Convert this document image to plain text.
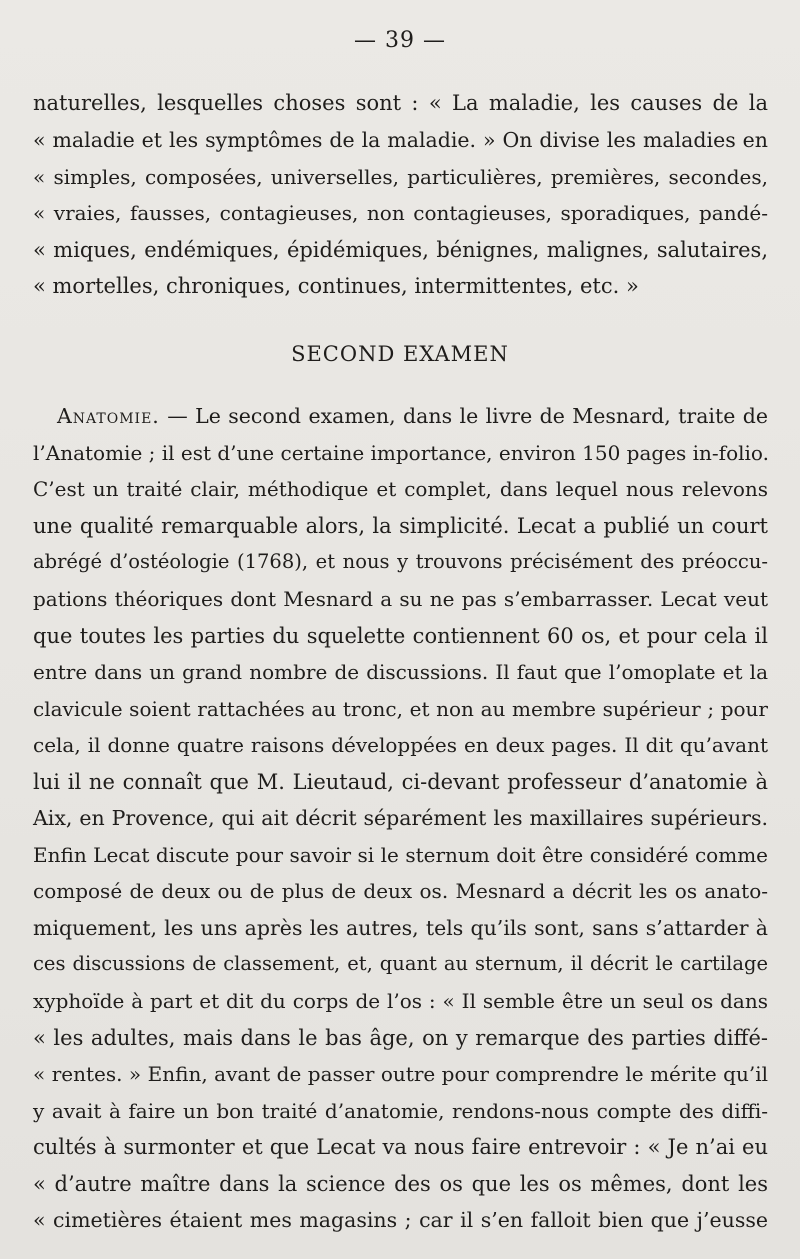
— 39 —
naturelles, lesquelles choses sont : « La maladie, les causes de la
« maladie et les symptômes de la maladie. » On divise les maladies en
« simples, composées, universelles, particulières, premières, secondes,
« vraies, fausses, contagieuses, non contagieuses, sporadiques, pandé-
« miques, endémiques, épidémiques, bénignes, malignes, salutaires,
« mortelles, chroniques, continues, intermittentes, etc. »
SECOND EXAMEN
Anatomie. — Le second examen, dans le livre de Mesnard, traite de
l’Anatomie ; il est d’une certaine importance, environ 150 pages in-folio.
C’est un traité clair, méthodique et complet, dans lequel nous relevons
une qualité remarquable alors, la simplicité. Lecat a publié un court
abrégé d’ostéologie (1768), et nous y trouvons précisément des préoccu-
pations théoriques dont Mesnard a su ne pas s’embarrasser. Lecat veut
que toutes les parties du squelette contiennent 60 os, et pour cela il
entre dans un grand nombre de discussions. Il faut que l’omoplate et la
clavicule soient rattachées au tronc, et non au membre supérieur ; pour
cela, il donne quatre raisons développées en deux pages. Il dit qu’avant
lui il ne connaît que M. Lieutaud, ci-devant professeur d’anatomie à
Aix, en Provence, qui ait décrit séparément les maxillaires supérieurs.
Enfin Lecat discute pour savoir si le sternum doit être considéré comme
composé de deux ou de plus de deux os. Mesnard a décrit les os anato-
miquement, les uns après les autres, tels qu’ils sont, sans s’attarder à
ces discussions de classement, et, quant au sternum, il décrit le cartilage
xyphoïde à part et dit du corps de l’os : « Il semble être un seul os dans
« les adultes, mais dans le bas âge, on y remarque des parties diffé-
« rentes. » Enfin, avant de passer outre pour comprendre le mérite qu’il
y avait à faire un bon traité d’anatomie, rendons-nous compte des diffi-
cultés à surmonter et que Lecat va nous faire entrevoir : « Je n’ai eu
« d’autre maître dans la science des os que les os mêmes, dont les
« cimetières étaient mes magasins ; car il s’en falloit bien que j’eusse
